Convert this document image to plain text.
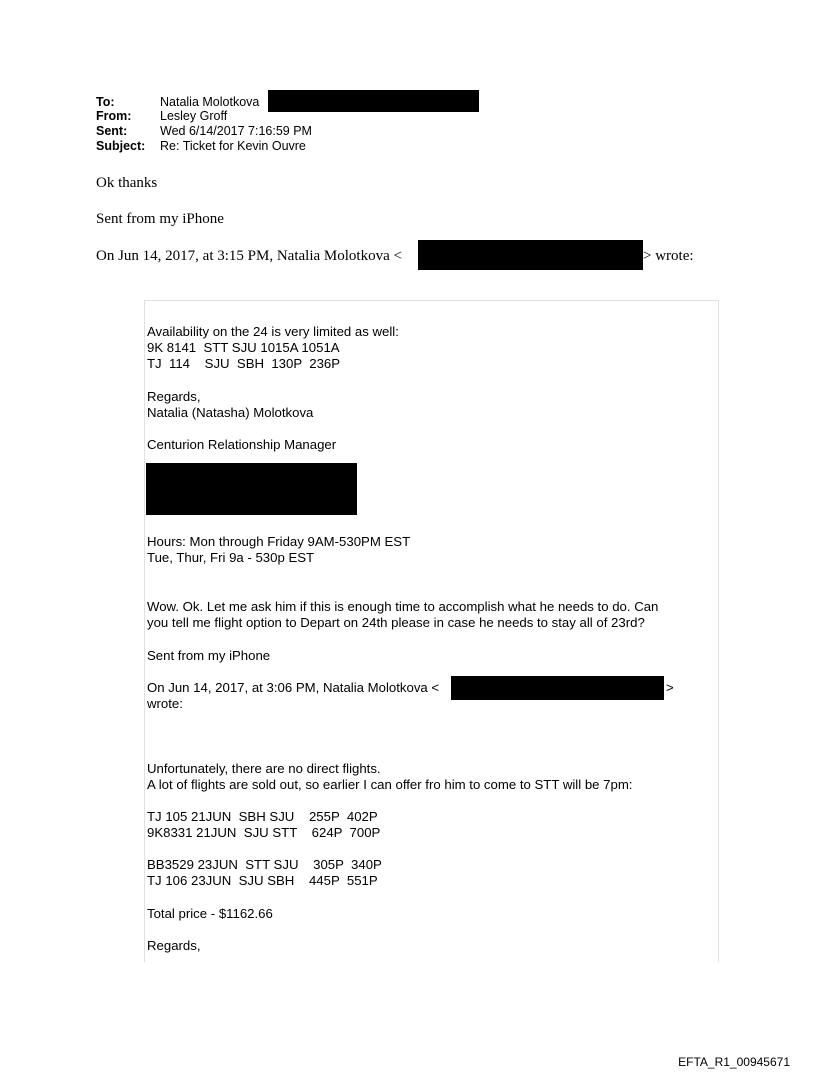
To:	Natalia Molotkova
From: Lesley Groff
Sent:	Wed 6/14/2017 7:16:59 PM
Subject: Re: Ticket for Kevin Ouvre
Ok thanks
Sent from my iPhone
On Jun 14, 2017, at 3:15 PM, Natalia Molotkova <	> wrote:
Availability on the 24 is very limited as well:
9K 8141  STT SJU 1015A 1051A
TJ  114    SJU  SBH  130P  236P
Regards,
Natalia (Natasha) Molotkova
Centurion Relationship Manager
Hours: Mon through Friday 9AM-530PM EST
Tue, Thur, Fri 9a - 530p EST
Wow. Ok. Let me ask him if this is enough time to accomplish what he needs to do. Can
you tell me flight option to Depart on 24th please in case he needs to stay all of 23rd?
Sent from my iPhone
On Jun 14, 2017, at 3:06 PM, Natalia Molotkova <	>
wrote:
Unfortunately, there are no direct flights.
A lot of flights are sold out, so earlier I can offer fro him to come to STT will be 7pm:
TJ 105 21JUN  SBH SJU    255P  402P
9K8331 21JUN  SJU STT    624P  700P
BB3529 23JUN  STT SJU    305P  340P
TJ 106 23JUN  SJU SBH    445P  551P
Total price - $1162.66
Regards,
EFTA_R1_00945671
